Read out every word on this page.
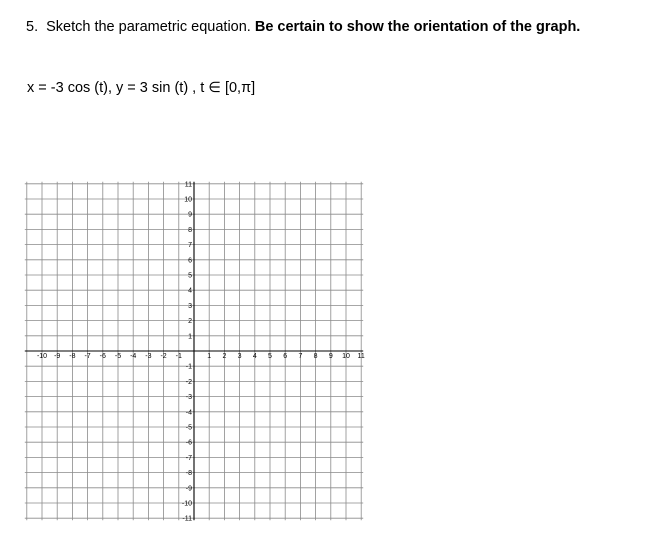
5. Sketch the parametric equation. Be certain to show the orientation of the graph.
x = -3 cos (t), y = 3 sin (t) , t ∈ [0,π]
-10 -9 -8 -7 -6 -5 -4 -3 -2 -1	1 2 3 4 5 6 7 8 9 10 11
11
10
9
8
7
6
5
4
3
2
1
-1
-2
-3
-4
-5
-6
-7
-8
-9
-10
-11
